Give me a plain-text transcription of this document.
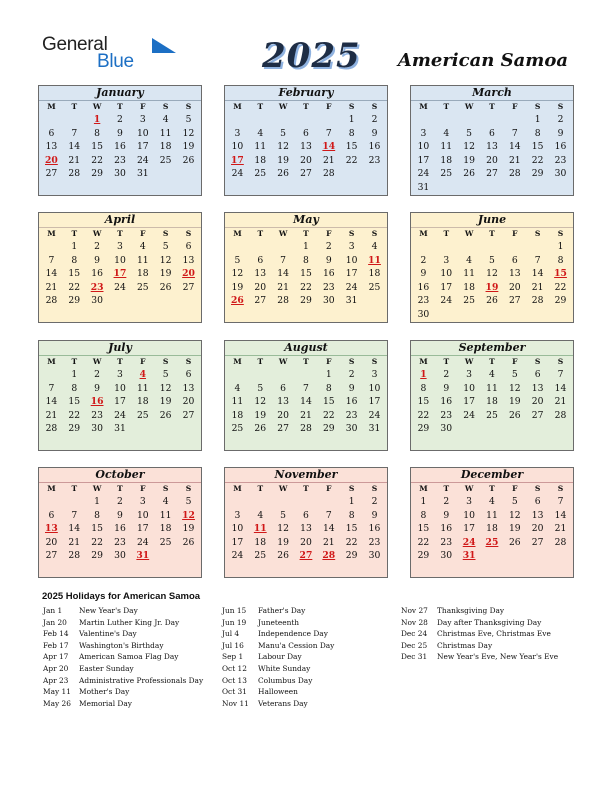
General
Blue	2025 American Samoa
January
M	T	W	T	F	S	S
		1	2	3	4	5
6	7	8	9	10	11	12
13	14	15	16	17	18	19
20	21	22	23	24	25	26
27	28	29	30	31		
February
M	T	W	T	F	S	S
					1	2
3	4	5	6	7	8	9
10	11	12	13	14	15	16
17	18	19	20	21	22	23
24	25	26	27	28		
March
M	T	W	T	F	S	S
					1	2
3	4	5	6	7	8	9
10	11	12	13	14	15	16
17	18	19	20	21	22	23
24	25	26	27	28	29	30
31						
April
M	T	W	T	F	S	S
	1	2	3	4	5	6
7	8	9	10	11	12	13
14	15	16	17	18	19	20
21	22	23	24	25	26	27
28	29	30				
May
M	T	W	T	F	S	S
			1	2	3	4
5	6	7	8	9	10	11
12	13	14	15	16	17	18
19	20	21	22	23	24	25
26	27	28	29	30	31	
June
M	T	W	T	F	S	S
						1
2	3	4	5	6	7	8
9	10	11	12	13	14	15
16	17	18	19	20	21	22
23	24	25	26	27	28	29
30						
July
M	T	W	T	F	S	S
	1	2	3	4	5	6
7	8	9	10	11	12	13
14	15	16	17	18	19	20
21	22	23	24	25	26	27
28	29	30	31			
August
M	T	W	T	F	S	S
				1	2	3
4	5	6	7	8	9	10
11	12	13	14	15	16	17
18	19	20	21	22	23	24
25	26	27	28	29	30	31
September
M	T	W	T	F	S	S
1	2	3	4	5	6	7
8	9	10	11	12	13	14
15	16	17	18	19	20	21
22	23	24	25	26	27	28
29	30					
October
M	T	W	T	F	S	S
		1	2	3	4	5
6	7	8	9	10	11	12
13	14	15	16	17	18	19
20	21	22	23	24	25	26
27	28	29	30	31		
November
M	T	W	T	F	S	S
					1	2
3	4	5	6	7	8	9
10	11	12	13	14	15	16
17	18	19	20	21	22	23
24	25	26	27	28	29	30
December
M	T	W	T	F	S	S
1	2	3	4	5	6	7
8	9	10	11	12	13	14
15	16	17	18	19	20	21
22	23	24	25	26	27	28
29	30	31				
2025 Holidays for American Samoa
Jan 1 New Year's Day
Jan 20 Martin Luther King Jr. Day
Feb 14 Valentine's Day
Feb 17 Washington's Birthday
Apr 17 American Samoa Flag Day
Apr 20 Easter Sunday
Apr 23 Administrative Professionals Day
May 11 Mother's Day
May 26 Memorial Day
Jun 15 Father's Day
Jun 19 Juneteenth
Jul 4	Independence Day
Jul 16 Manu'a Cession Day
Sep 1 Labour Day
Oct 12 White Sunday
Oct 13 Columbus Day
Oct 31 Halloween
Nov 11 Veterans Day
Nov 27 Thanksgiving Day
Nov 28 Day after Thanksgiving Day
Dec 24 Christmas Eve, Christmas Eve
Dec 25 Christmas Day
Dec 31 New Year's Eve, New Year's Eve
